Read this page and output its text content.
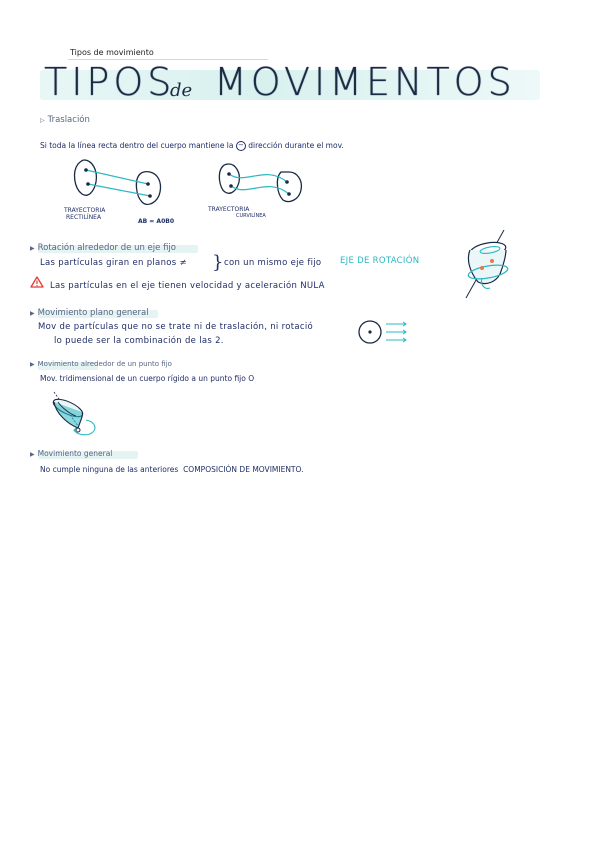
Tipos de movimiento
TIPOS
de MOVIMENTOS
▷ Traslación
Si toda la línea recta dentro del cuerpo mantiene la − dirección durante el mov.
TRAYECTORIA
RECTILÍNEA
AB = A0B0
TRAYECTORIA
CURVILÍNEA
▶ Rotación alrededor de un eje fijo
Las partículas giran en planos ≠ } con un mismo eje fijo EJE DE ROTACIÓN
Las partículas en el eje tienen velocidad y aceleración NULA
▶ Movimiento plano general
Mov de partículas que no se trate ni de traslación, ni rotació
lo puede ser la combinación de las 2.
▶ Movimiento alrededor de un punto fijo
Mov. tridimensional de un cuerpo rígido a un punto fijo O
▶ Movimiento general
No cumple ninguna de las anteriores COMPOSICIÓN DE MOVIMIENTO.
